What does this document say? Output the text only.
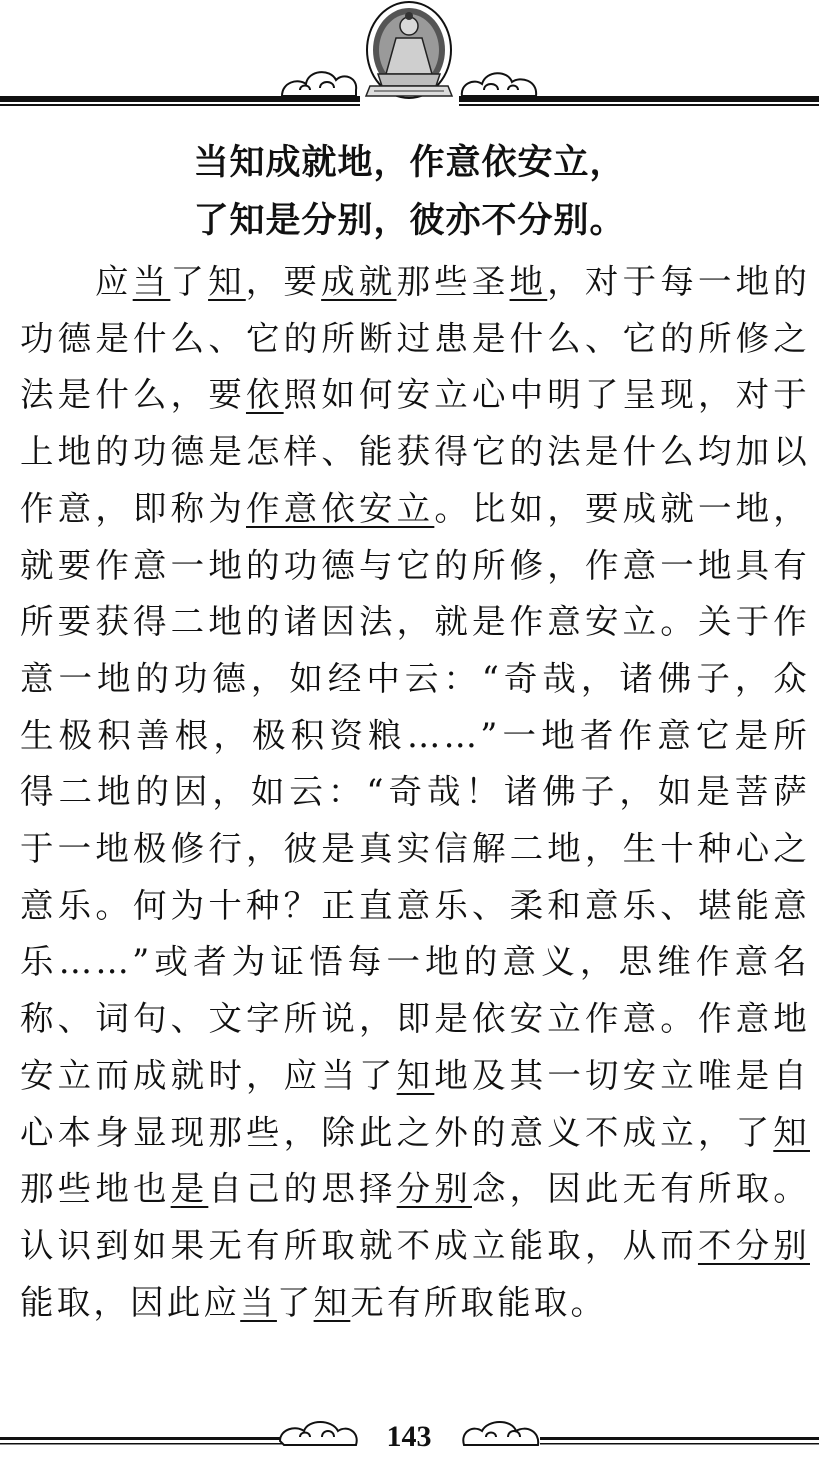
当知成就地，作意依安立，
了知是分别，彼亦不分别。
应当了知，要成就那些圣地，对于每一地的功德是什么、它的所断过患是什么、它的所修之法是什么，要依照如何安立心中明了呈现，对于上地的功德是怎样、能获得它的法是什么均加以作意，即称为作意依安立。比如，要成就一地，就要作意一地的功德与它的所修，作意一地具有所要获得二地的诸因法，就是作意安立。关于作意一地的功德，如经中云：“奇哉，诸佛子，众生极积善根，极积资粮……”一地者作意它是所得二地的因，如云：“奇哉！诸佛子，如是菩萨于一地极修行，彼是真实信解二地，生十种心之意乐。何为十种？正直意乐、柔和意乐、堪能意乐……”或者为证悟每一地的意义，思维作意名称、词句、文字所说，即是依安立作意。作意地安立而成就时，应当了知地及其一切安立唯是自心本身显现那些，除此之外的意义不成立，了知那些地也是自己的思择分别念，因此无有所取。认识到如果无有所取就不成立能取，从而不分别能取，因此应当了知无有所取能取。
143
